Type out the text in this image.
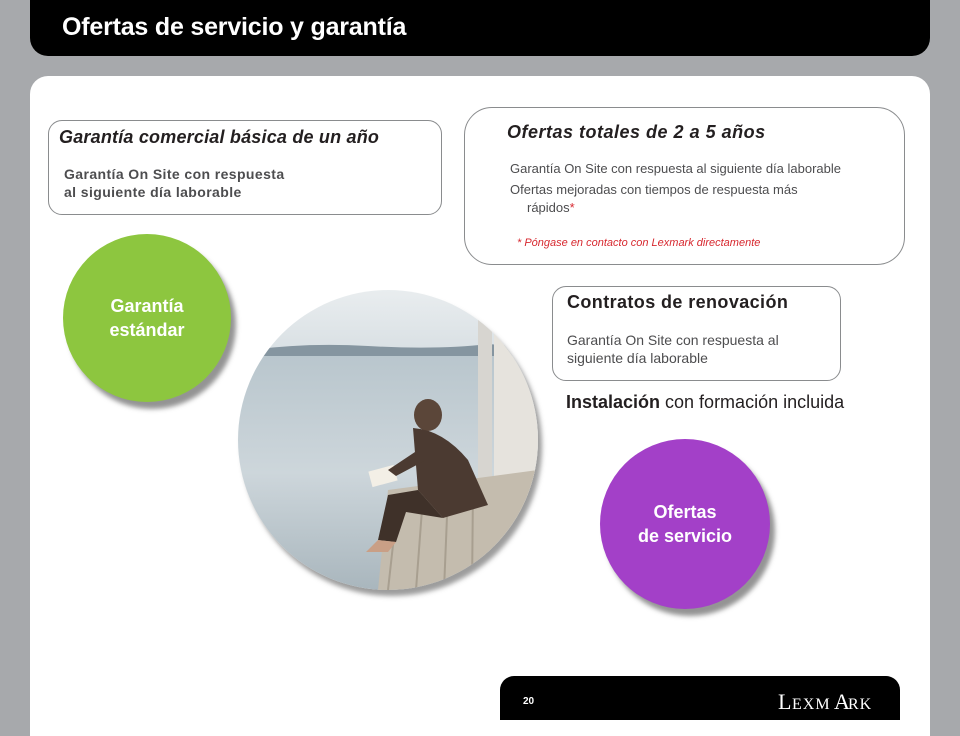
Ofertas de servicio y garantía
Garantía comercial básica de un año
Garantía On Site con respuesta
al siguiente día laborable
Ofertas totales de 2 a 5 años
Garantía On Site con respuesta al siguiente día laborable
Ofertas mejoradas con tiempos de respuesta más
rápidos*
* Póngase en contacto con Lexmark directamente
Contratos de renovación
Garantía On Site con respuesta al
siguiente día laborable
Instalación con formación incluida
Garantía
estándar
Ofertas
de servicio
20	L EXM A
RK
